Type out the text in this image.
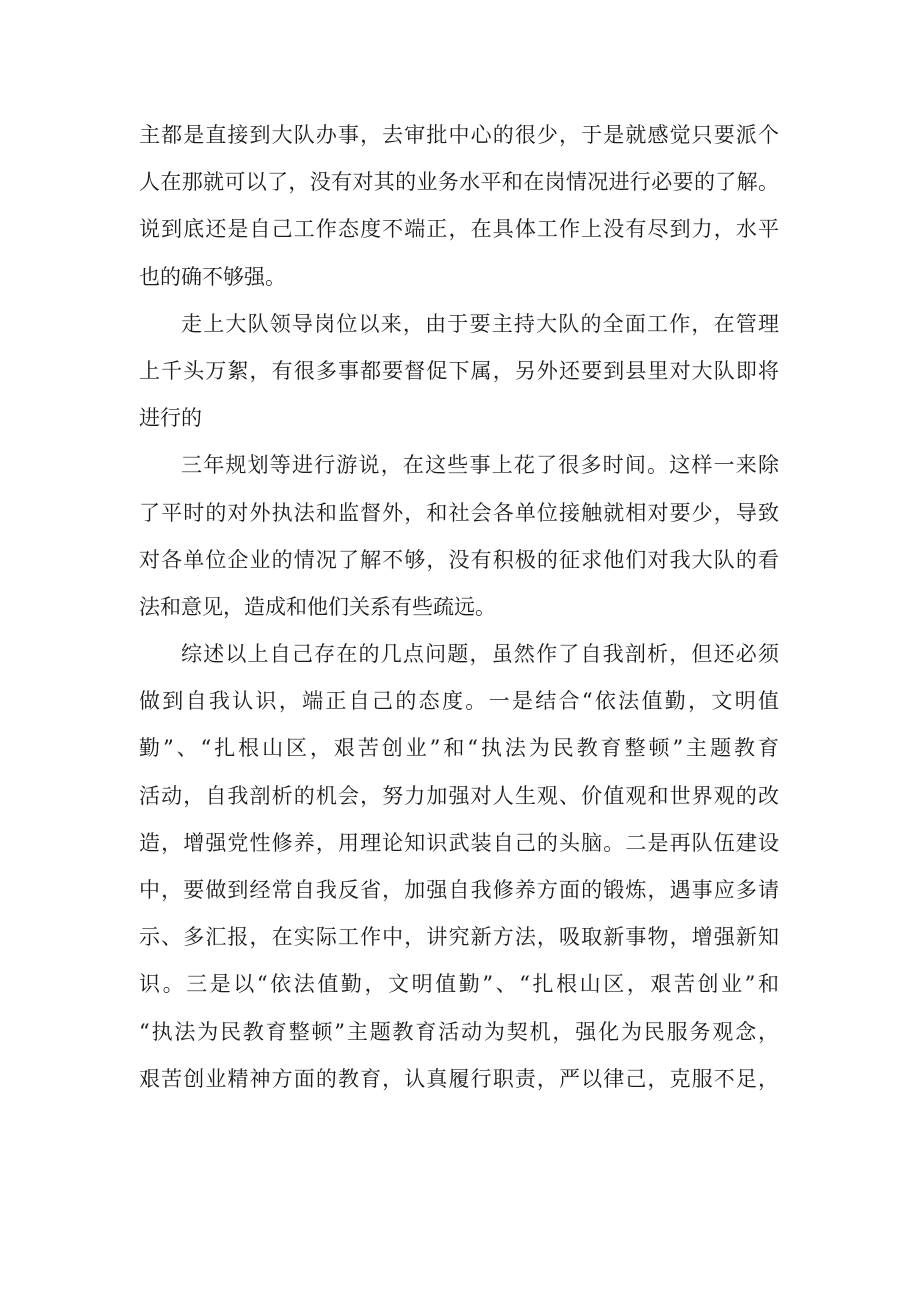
主都是直接到大队办事，去审批中心的很少，于是就感觉只要派个
人在那就可以了，没有对其的业务水平和在岗情况进行必要的了解。
说到底还是自己工作态度不端正，在具体工作上没有尽到力，水平
也的确不够强。
走上大队领导岗位以来，由于要主持大队的全面工作，在管理
上千头万絮，有很多事都要督促下属，另外还要到县里对大队即将
进行的
三年规划等进行游说，在这些事上花了很多时间。这样一来除
了平时的对外执法和监督外，和社会各单位接触就相对要少，导致
对各单位企业的情况了解不够，没有积极的征求他们对我大队的看
法和意见，造成和他们关系有些疏远。
综述以上自己存在的几点问题，虽然作了自我剖析，但还必须
做到自我认识，端正自己的态度。一是结合“依法值勤，文明值
勤”、“扎根山区，艰苦创业”和“执法为民教育整顿”主题教育
活动，自我剖析的机会，努力加强对人生观、价值观和世界观的改
造，增强党性修养，用理论知识武装自己的头脑。二是再队伍建设
中，要做到经常自我反省，加强自我修养方面的锻炼，遇事应多请
示、多汇报，在实际工作中，讲究新方法，吸取新事物，增强新知
识。三是以“依法值勤，文明值勤”、“扎根山区，艰苦创业”和
“执法为民教育整顿”主题教育活动为契机，强化为民服务观念，
艰苦创业精神方面的教育，认真履行职责，严以律己，克服不足，
